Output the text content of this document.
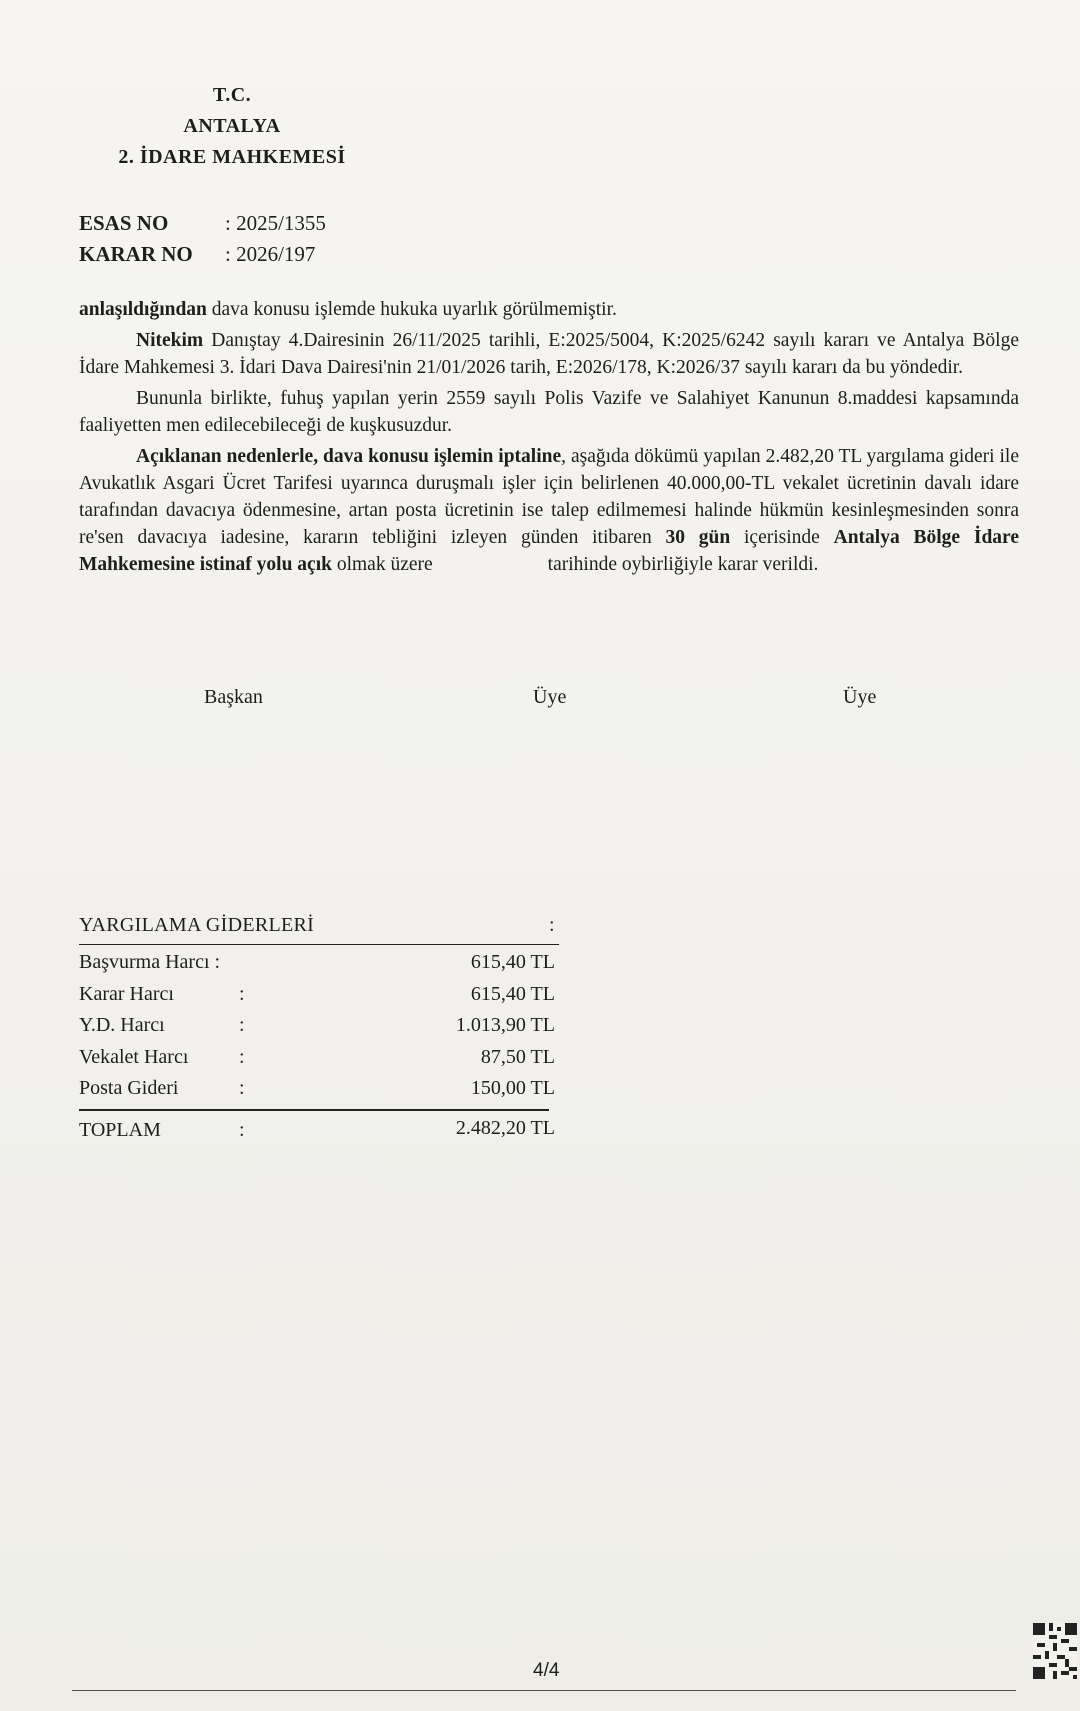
T.C.
ANTALYA
2. İDARE MAHKEMESİ
ESAS NO	: 2025/1355
KARAR NO : 2026/197

anlaşıldığından dava konusu işlemde hukuka uyarlık görülmemiştir.

Nitekim Danıştay 4.Dairesinin 26/11/2025 tarihli, E:2025/5004, K:2025/6242 sayılı kararı ve Antalya Bölge İdare Mahkemesi 3. İdari Dava Dairesi'nin 21/01/2026 tarih, E:2026/178, K:2026/37 sayılı kararı da bu yöndedir.

Bununla birlikte, fuhuş yapılan yerin 2559 sayılı Polis Vazife ve Salahiyet Kanunun 8.maddesi kapsamında faaliyetten men edilecebileceği de kuşkusuzdur.

Açıklanan nedenlerle, dava konusu işlemin iptaline, aşağıda dökümü yapılan 2.482,20 TL yargılama gideri ile Avukatlık Asgari Ücret Tarifesi uyarınca duruşmalı işler için belirlenen 40.000,00-TL vekalet ücretinin davalı idare tarafından davacıya ödenmesine, artan posta ücretinin ise talep edilmemesi halinde hükmün kesinleşmesinden sonra re'sen davacıya iadesine, kararın tebliğini izleyen günden itibaren 30 gün içerisinde Antalya Bölge İdare Mahkemesine istinaf yolu açık olmak üzere	tarihinde oybirliğiyle karar verildi.

Başkan	Üye	Üye
YARGILAMA GİDERLERİ	:
Başvurma Harcı :	615,40 TL
Karar Harcı	:	615,40 TL
Y.D. Harcı	:	1.013,90 TL
Vekalet Harcı	:	87,50 TL
Posta Gideri	:	150,00 TL
TOPLAM	:	2.482,20 TL
4/4
